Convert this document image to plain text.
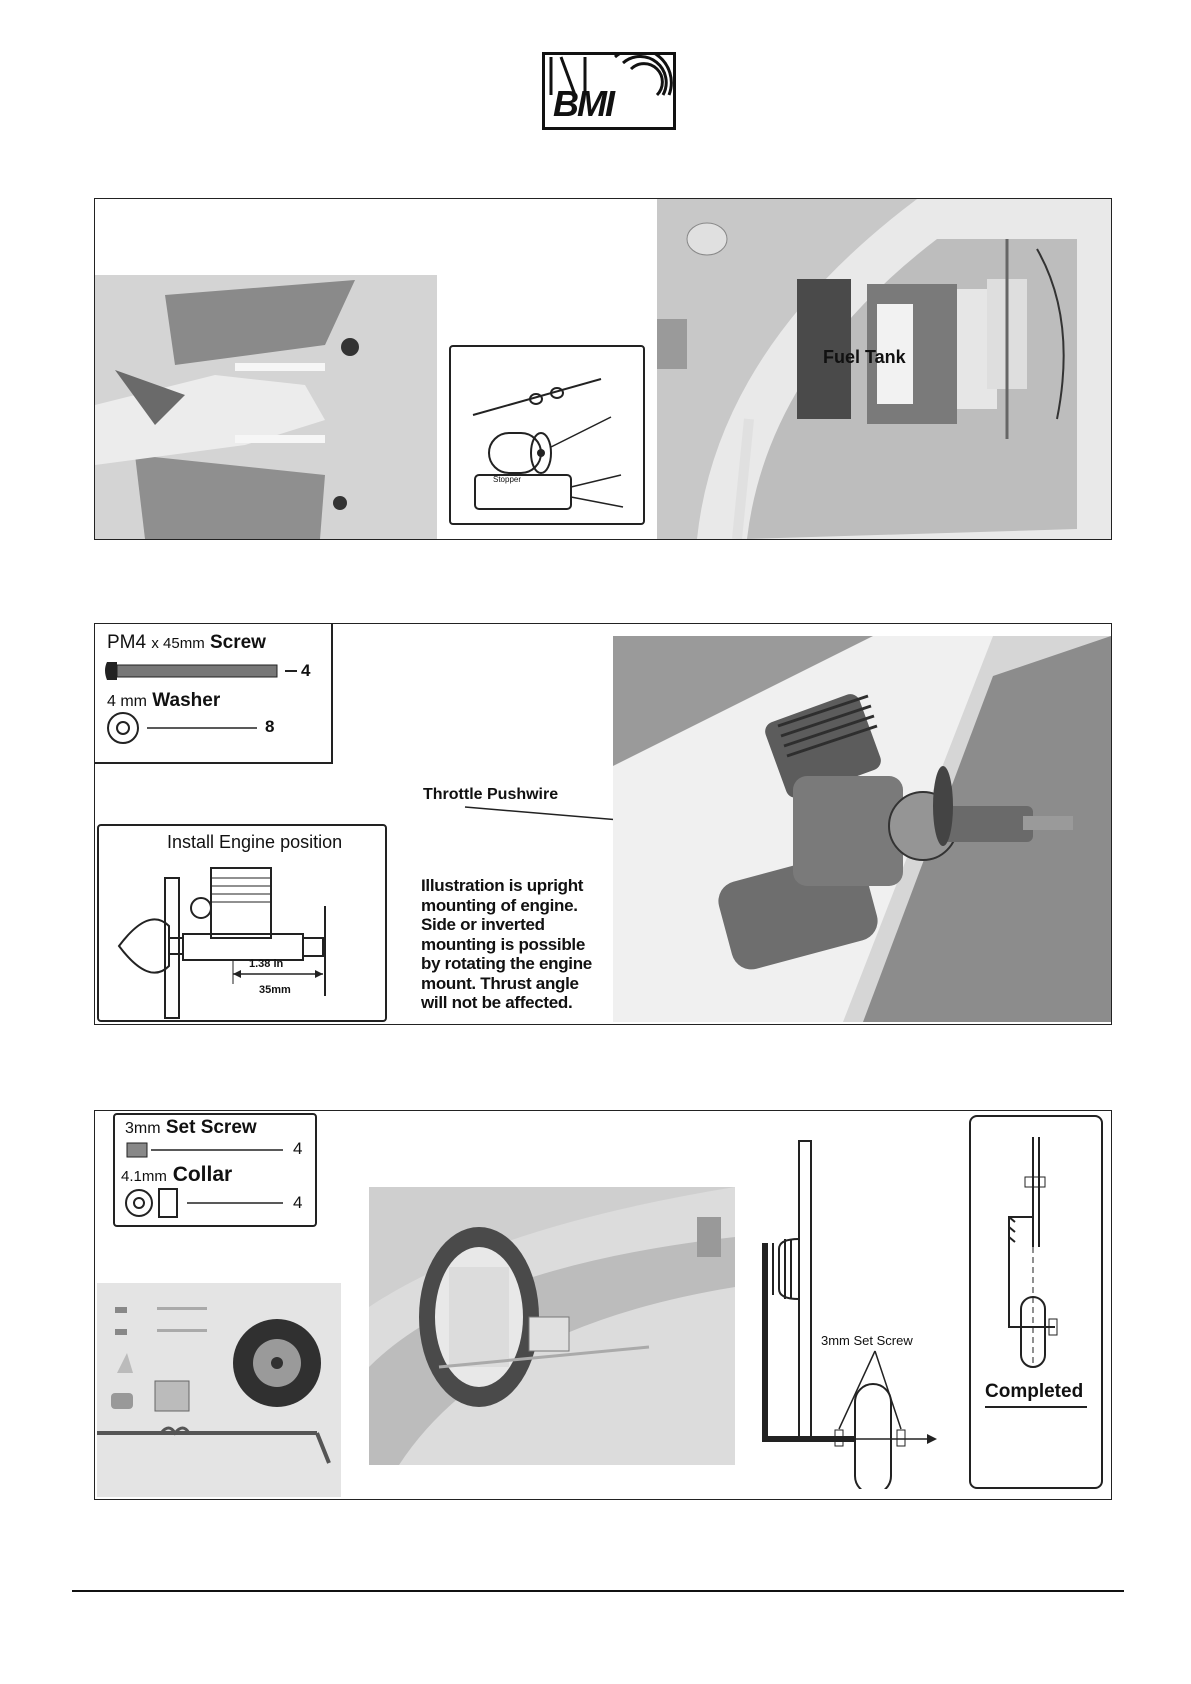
BMI
Stopper
Fuel Tank
PM4 x 45mm Screw
4
4 mm Washer
8
Install Engine position
1.38 in
35mm
Throttle Pushwire
Illustration is upright
mounting of engine.
Side or inverted
mounting is possible
by rotating the engine
mount. Thrust angle
will not be affected.
3mm Set Screw
4
4.1mm Collar
4
3mm Set Screw
Completed
